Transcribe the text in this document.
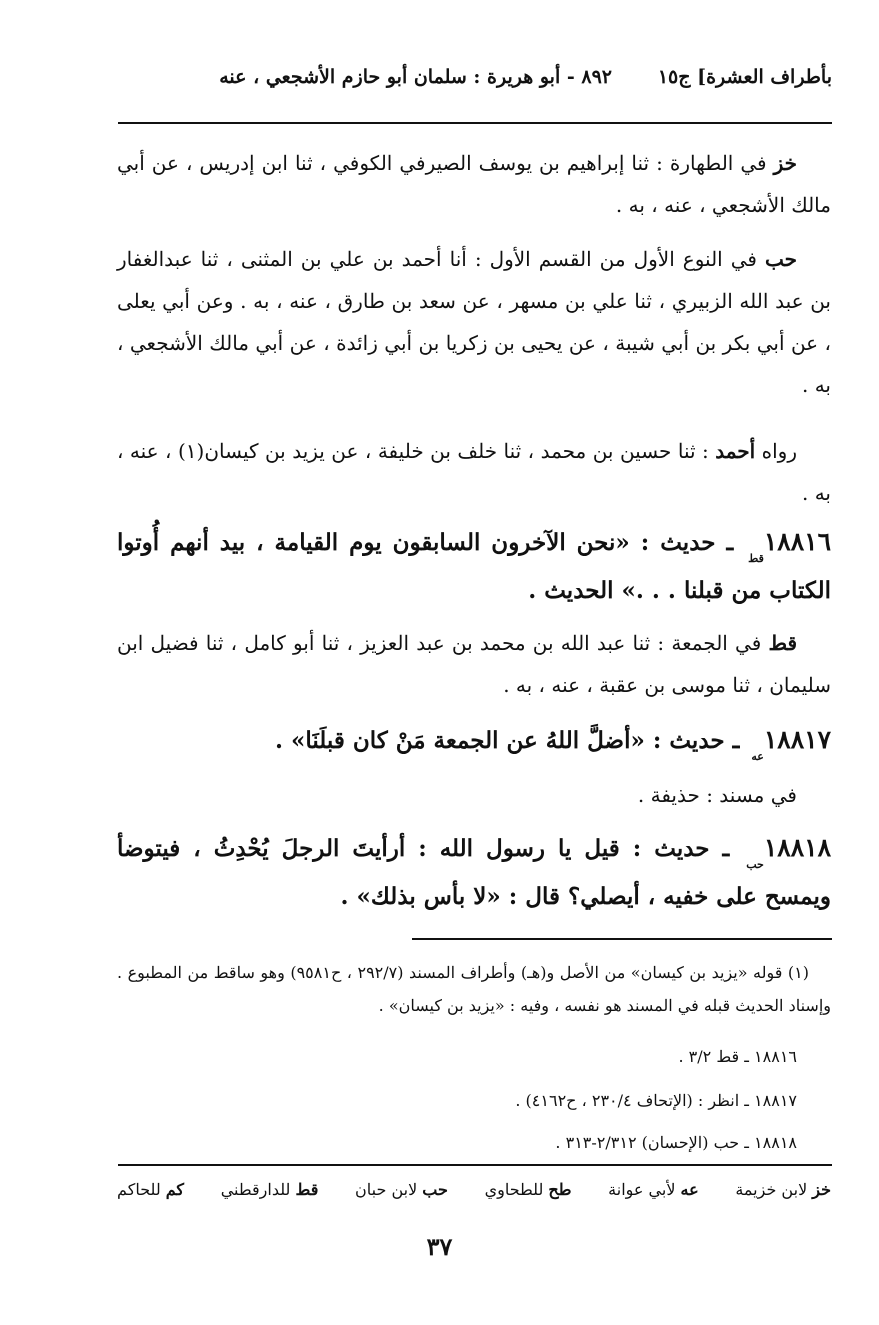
بأطراف العشرة] ج١٥
٨٩٢ - أبو هريرة : سلمان أبو حازم الأشجعي ، عنه

خز في الطهارة : ثنا إبراهيم بن يوسف الصيرفي الكوفي ، ثنا ابن إدريس ، عن أبي مالك الأشجعي ، عنه ، به .

حب في النوع الأول من القسم الأول : أنا أحمد بن علي بن المثنى ، ثنا عبدالغفار بن عبد الله الزبيري ، ثنا علي بن مسهر ، عن سعد بن طارق ، عنه ، به . وعن أبي يعلى ، عن أبي بكر بن أبي شيبة ، عن يحيى بن زكريا بن أبي زائدة ، عن أبي مالك الأشجعي ، به .

رواه أحمد : ثنا حسين بن محمد ، ثنا خلف بن خليفة ، عن يزيد بن كيسان(١) ، عنه ، به .

$١٨٨١٦_{قط}$ ـ حديث : «نحن الآخرون السابقون يوم القيامة ، بيد أنهم أُوتوا الكتاب من قبلنا . . .» الحديث .

قط في الجمعة : ثنا عبد الله بن محمد بن عبد العزيز ، ثنا أبو كامل ، ثنا فضيل ابن سليمان ، ثنا موسى بن عقبة ، عنه ، به .

$١٨٨١٧_{عه}$ ـ حديث : «أضلَّ اللهُ عن الجمعة مَنْ كان قبلَنَا» .

في مسند : حذيفة .

$١٨٨١٨_{حب}$ ـ حديث : قيل يا رسول الله : أرأيتَ الرجلَ يُحْدِثُ ، فيتوضأ ويمسح على خفيه ، أيصلي؟ قال : «لا بأس بذلك» .

(١) قوله «يزيد بن كيسان» من الأصل و(هـ) وأطراف المسند (٢٩٢/٧ ، ح٩٥٨١) وهو ساقط من المطبوع . وإسناد الحديث قبله في المسند هو نفسه ، وفيه : «يزيد بن كيسان» .

١٨٨١٦ ـ قط ٣/٢ .

١٨٨١٧ ـ انظر : (الإتحاف ٢٣٠/٤ ، ح٤١٦٢) .

١٨٨١٨ ـ حب (الإحسان) ٢/٣١٢-٣١٣ .

خز لابن خزيمة
عه لأبي عوانة
طح للطحاوي
حب لابن حبان
قط للدارقطني
كم للحاكم
٣٧
